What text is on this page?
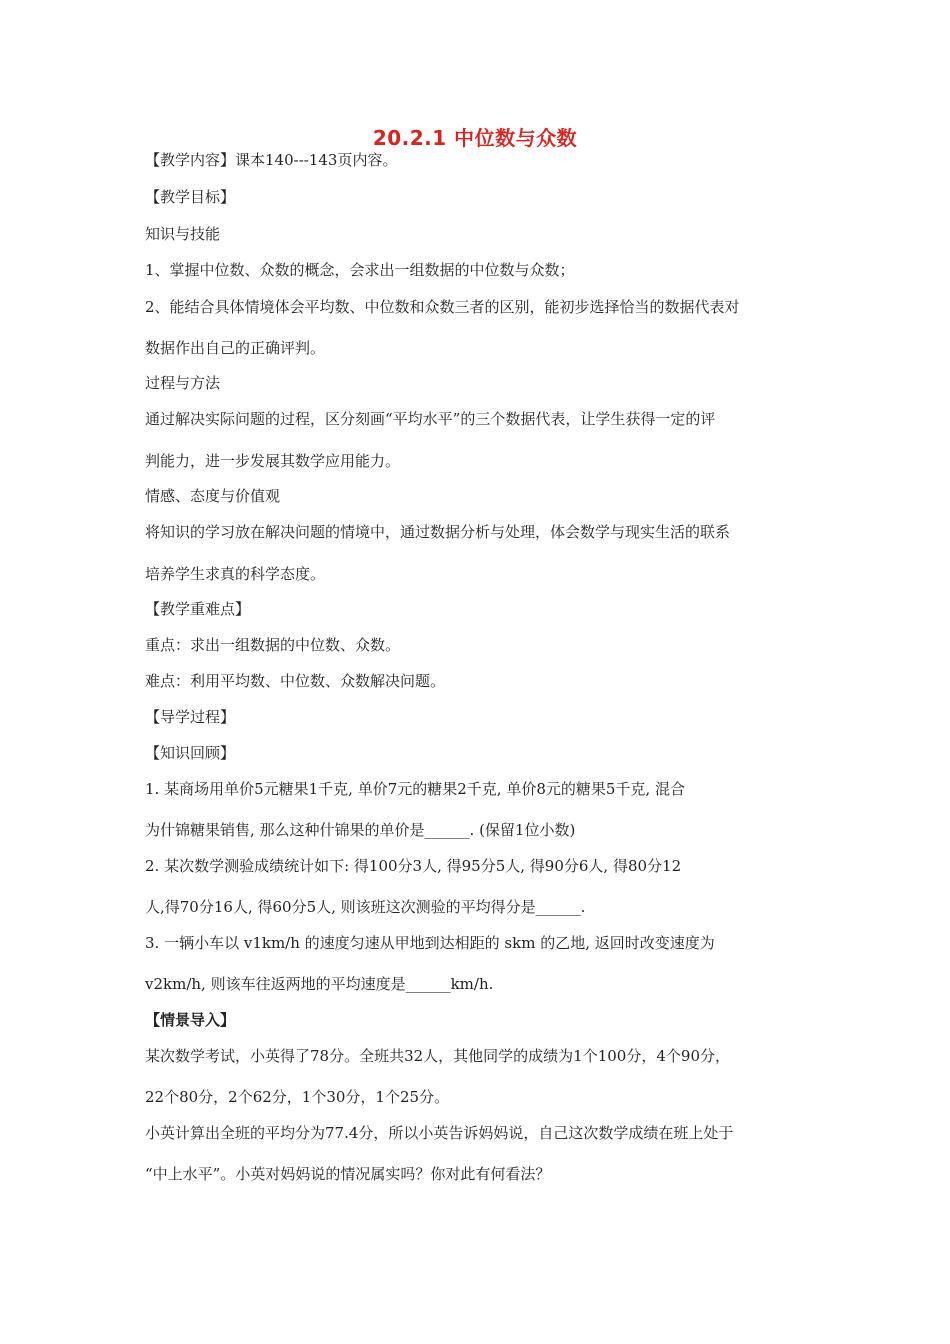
20.2.1 中位数与众数
【教学内容】课本140---143页内容。
【教学目标】
知识与技能
1、掌握中位数、众数的概念，会求出一组数据的中位数与众数；
2、能结合具体情境体会平均数、中位数和众数三者的区别，能初步选择恰当的数据代表对
数据作出自己的正确评判。
过程与方法
通过解决实际问题的过程，区分刻画“平均水平”的三个数据代表，让学生获得一定的评
判能力，进一步发展其数学应用能力。
情感、态度与价值观
将知识的学习放在解决问题的情境中，通过数据分析与处理，体会数学与现实生活的联系
培养学生求真的科学态度。
【教学重难点】
重点：求出一组数据的中位数、众数。
难点：利用平均数、中位数、众数解决问题。
【导学过程】
【知识回顾】
1. 某商场用单价5元糖果1千克, 单价7元的糖果2千克, 单价8元的糖果5千克, 混合
为什锦糖果销售, 那么这种什锦果的单价是______. (保留1位小数)
2. 某次数学测验成绩统计如下: 得100分3人, 得95分5人, 得90分6人, 得80分12
人,得70分16人, 得60分5人, 则该班这次测验的平均得分是______.
3. 一辆小车以 v1km/h 的速度匀速从甲地到达相距的 skm 的乙地, 返回时改变速度为
v2km/h, 则该车往返两地的平均速度是______km/h.
【情景导入】
某次数学考试，小英得了78分。全班共32人，其他同学的成绩为1个100分，4个90分，
22个80分，2个62分，1个30分，1个25分。
小英计算出全班的平均分为77.4分，所以小英告诉妈妈说，自己这次数学成绩在班上处于
“中上水平”。小英对妈妈说的情况属实吗？你对此有何看法？
